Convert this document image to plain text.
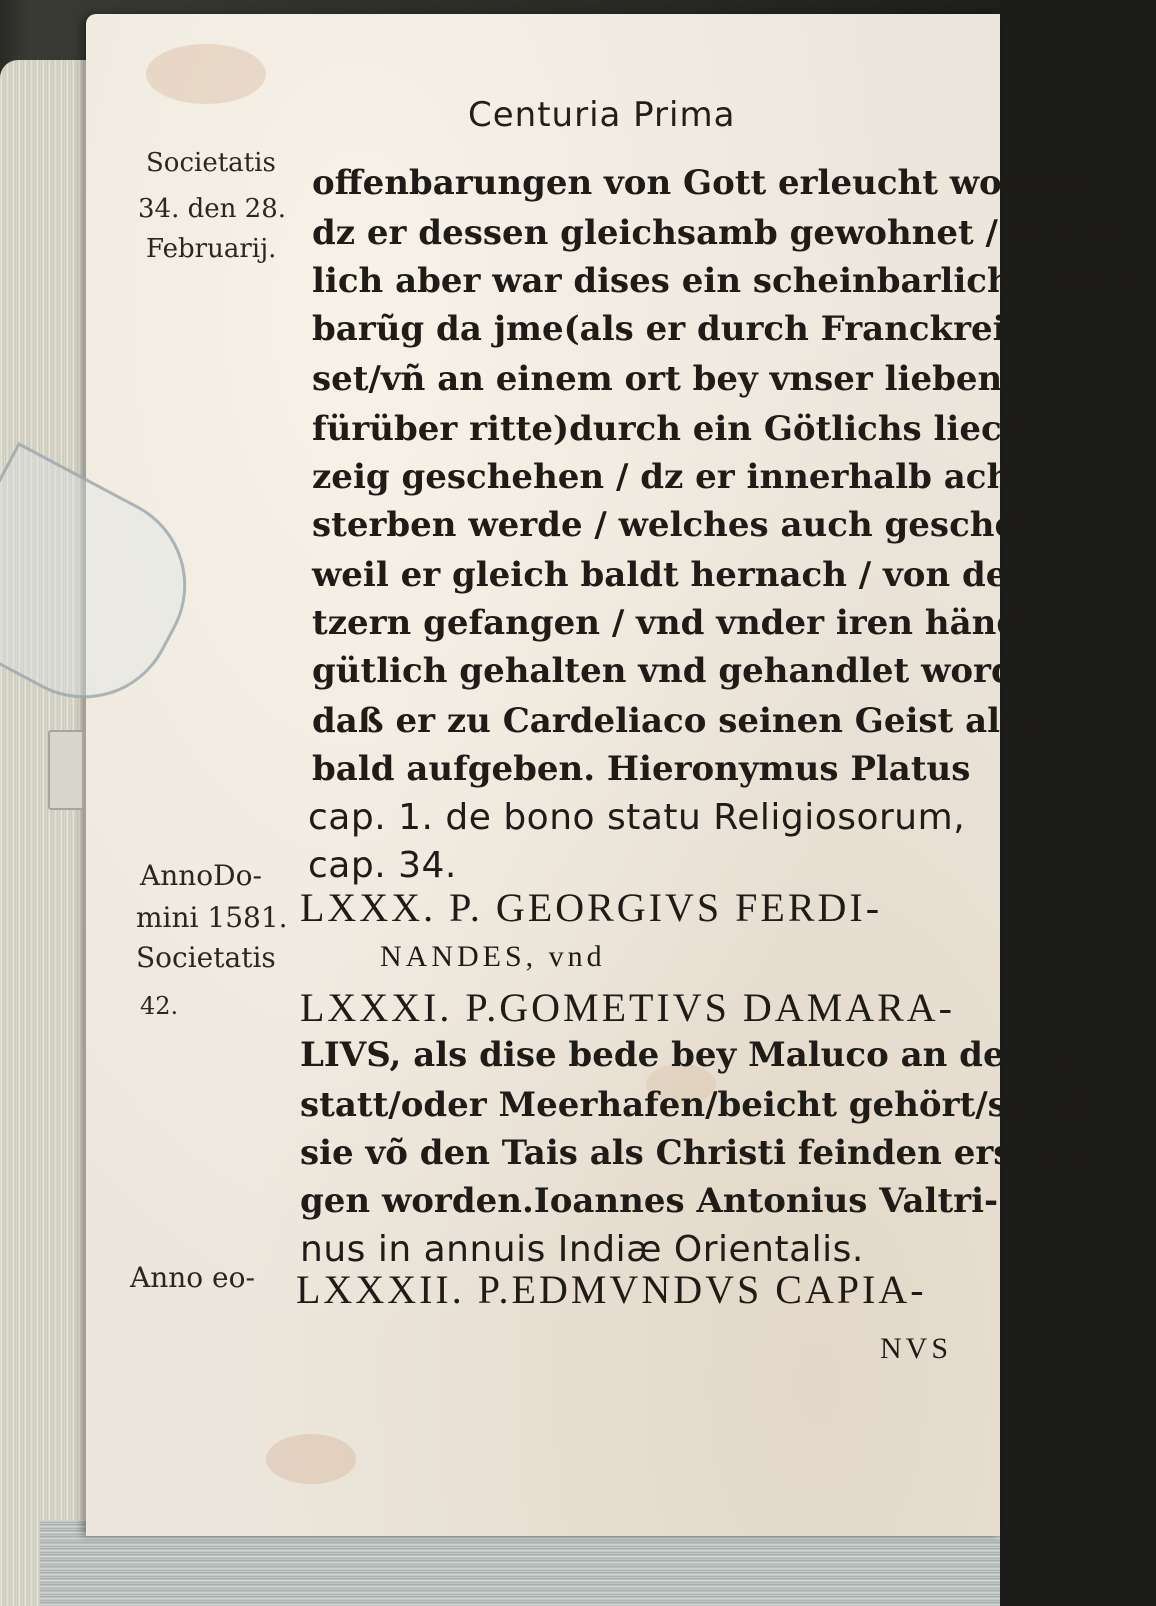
Centuria Prima

Societatis

34. den 28.

Februarij.

AnnoDo-

mini 1581.

Societatis

42.

Anno eo-

offenbarungen von Gott erleucht worden/

dz er dessen gleichsamb gewohnet / sonder-

lich aber war dises ein scheinbarliche offen-

barũg da jme(als er durch Franckreich rei-

set/vñ an einem ort bey vnser lieben Frawẽ

fürüber ritte)durch ein Götlichs liecht an-

zeig geschehen / dz er innerhalb acht tagen

sterben werde / welches auch geschehen/

weil er gleich baldt hernach / von den Ke-

tzern gefangen / vnd vnder iren händen so

gütlich gehalten vnd gehandlet worden/

daß er zu Cardeliaco seinen Geist also

bald aufgeben. Hieronymus Platus

cap. 1. de bono statu Religiosorum,

cap. 34.

LXXX. P. GEORGIVS FERDI-

NANDES, vnd

LXXXI. P.GOMETIVS DAMARA-

LIVS, als dise bede bey Maluco an dem ge-

statt/oder Meerhafen/beicht gehört/seind

sie võ den Tais als Christi feinden erschla-

gen worden.Ioannes Antonius Valtri-

nus in annuis Indiæ Orientalis.

LXXXII. P.EDMVNDVS CAPIA-

NVS
